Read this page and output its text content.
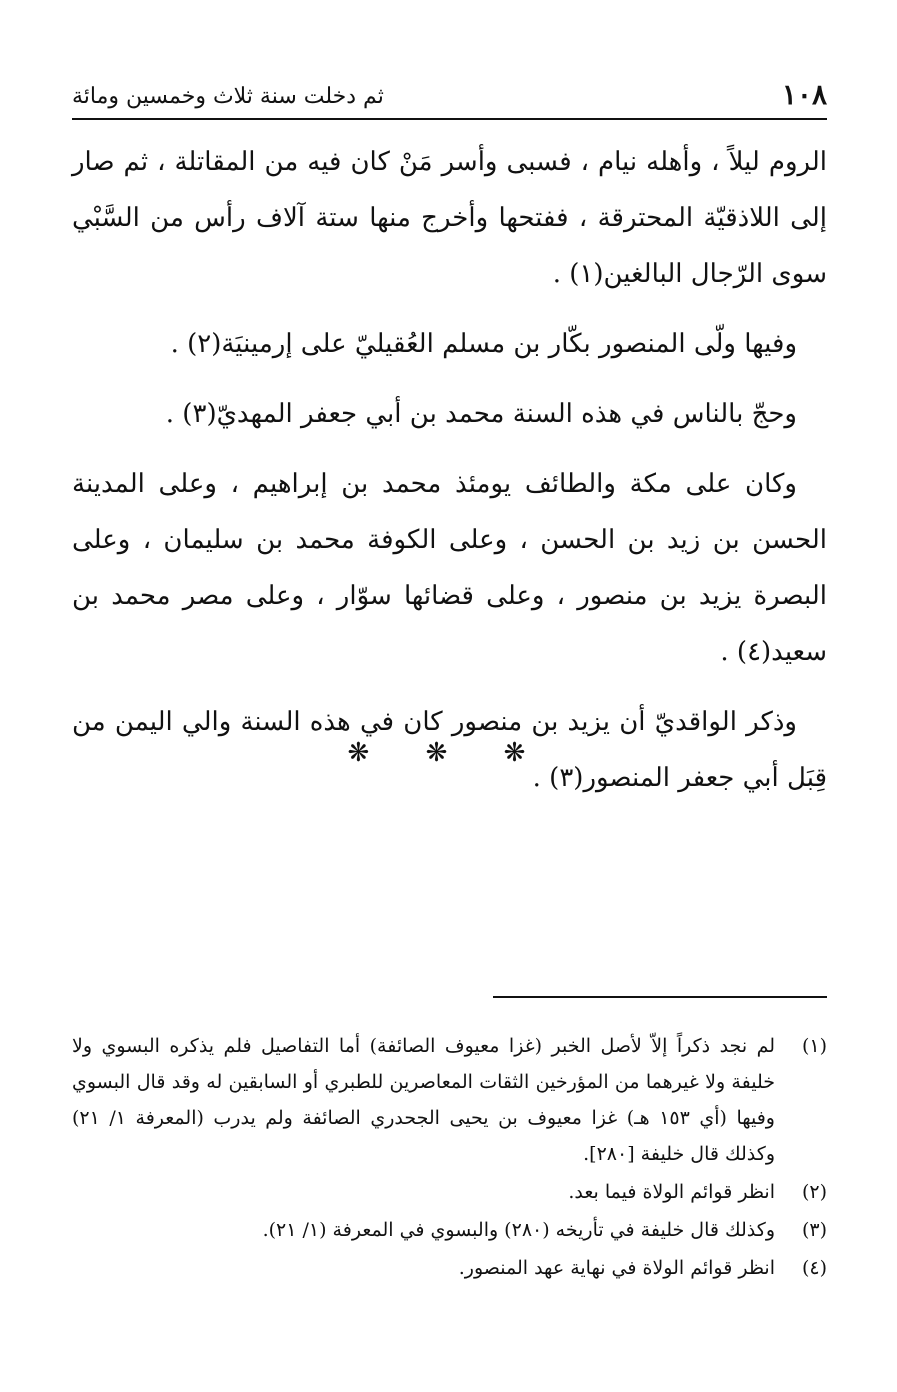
١٠٨
ثم دخلت سنة ثلاث وخمسين ومائة

الروم ليلاً ، وأهله نيام ، فسبى وأسر مَنْ كان فيه من المقاتلة ، ثم صار إلى اللاذقيّة المحترقة ، ففتحها وأخرج منها ستة آلاف رأس من السَّبْي سوى الرّجال البالغين(١) .

وفيها ولّى المنصور بكّار بن مسلم العُقيليّ على إرمينيَة(٢) .

وحجّ بالناس في هذه السنة محمد بن أبي جعفر المهديّ(٣) .

وكان على مكة والطائف يومئذ محمد بن إبراهيم ، وعلى المدينة الحسن بن زيد بن الحسن ، وعلى الكوفة محمد بن سليمان ، وعلى البصرة يزيد بن منصور ، وعلى قضائها سوّار ، وعلى مصر محمد بن سعيد(٤) .

وذكر الواقديّ أن يزيد بن منصور كان في هذه السنة والي اليمن من قِبَل أبي جعفر المنصور(٣) .

❋ ❋ ❋
(١)
لم نجد ذكراً إلاّ لأصل الخبر (غزا معيوف الصائفة) أما التفاصيل فلم يذكره البسوي ولا خليفة ولا غيرهما من المؤرخين الثقات المعاصرين للطبري أو السابقين له وقد قال البسوي وفيها (أي ١٥٣ هـ) غزا معيوف بن يحيى الجحدري الصائفة ولم يدرب (المعرفة ١/ ٢١) وكذلك قال خليفة [٢٨٠].
(٢)
انظر قوائم الولاة فيما بعد.
(٣)
وكذلك قال خليفة في تأريخه (٢٨٠) والبسوي في المعرفة (١/ ٢١).
(٤)
انظر قوائم الولاة في نهاية عهد المنصور.
